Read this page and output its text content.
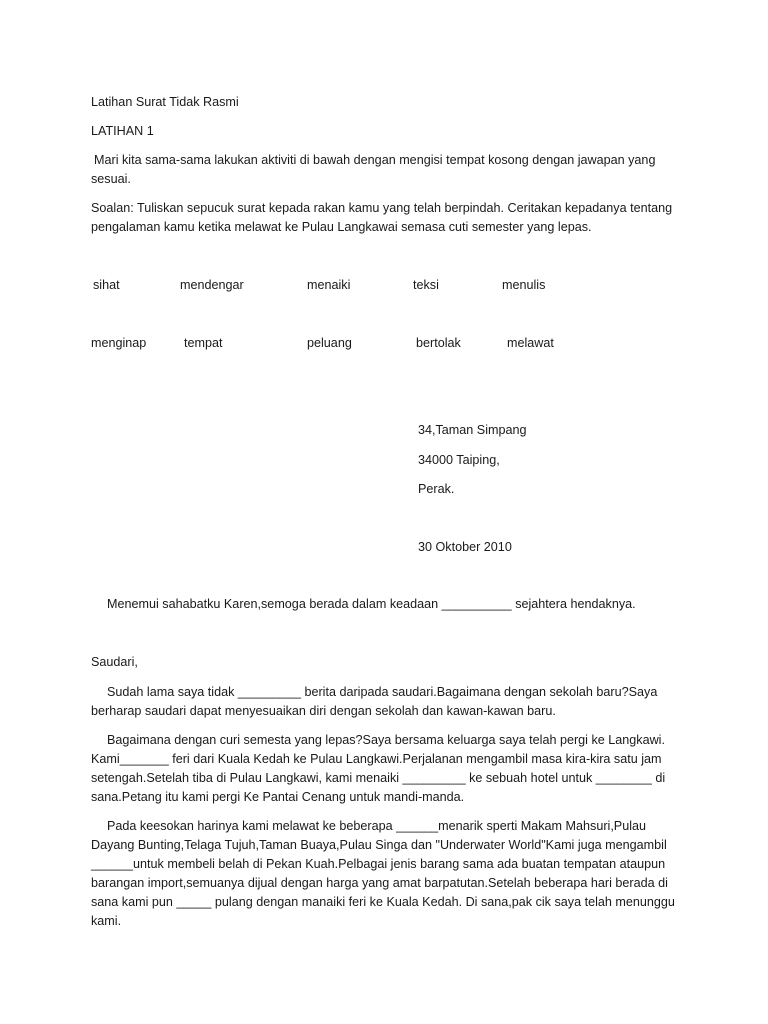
Latihan Surat Tidak Rasmi
LATIHAN 1
Mari kita sama-sama lakukan aktiviti di bawah dengan mengisi tempat kosong dengan jawapan yang sesuai.
Soalan: Tuliskan sepucuk surat kepada rakan kamu yang telah berpindah. Ceritakan kepadanya tentang pengalaman kamu ketika melawat ke Pulau Langkawai semasa cuti semester yang lepas.
sihat	mendengar	menaiki	teksi	menulis
menginap	tempat	peluang	bertolak	melawat
34,Taman Simpang
34000 Taiping,
Perak.
30 Oktober 2010
Menemui sahabatku Karen,semoga berada dalam keadaan __________ sejahtera hendaknya.
Saudari,
Sudah lama saya tidak _________ berita daripada saudari.Bagaimana dengan sekolah baru?Saya berharap saudari dapat menyesuaikan diri dengan sekolah dan kawan-kawan baru.
Bagaimana dengan curi semesta yang lepas?Saya bersama keluarga saya telah pergi ke Langkawi. Kami_______ feri dari Kuala Kedah ke Pulau Langkawi.Perjalanan mengambil masa kira-kira satu jam setengah.Setelah tiba di Pulau Langkawi, kami menaiki _________ ke sebuah hotel untuk ________ di sana.Petang itu kami pergi Ke Pantai Cenang untuk mandi-manda.
Pada keesokan harinya kami melawat ke beberapa ______menarik sperti Makam Mahsuri,Pulau Dayang Bunting,Telaga Tujuh,Taman Buaya,Pulau Singa dan "Underwater World"Kami juga mengambil ______untuk membeli belah di Pekan Kuah.Pelbagai jenis barang sama ada buatan tempatan ataupun barangan import,semuanya dijual dengan harga yang amat barpatutan.Setelah beberapa hari berada di sana kami pun _____ pulang dengan manaiki feri ke Kuala Kedah. Di sana,pak cik saya telah menunggu kami.
